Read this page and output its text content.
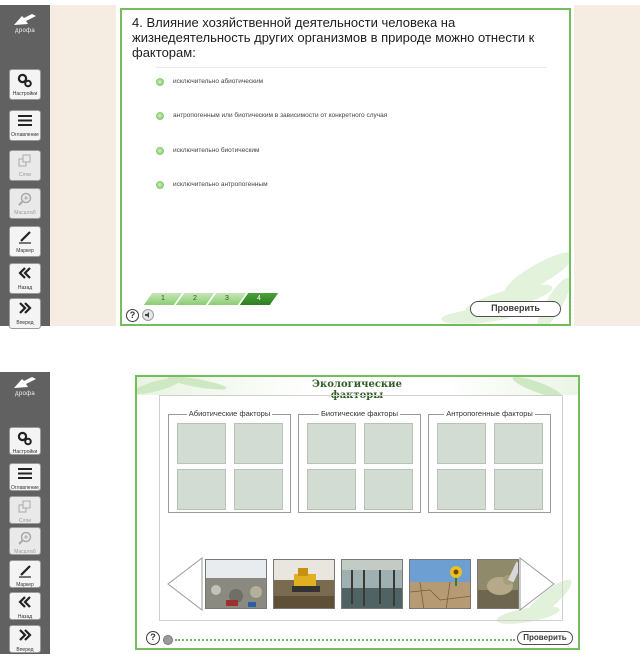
дрофа
Настройки
Оглавление
Слои
Масштаб
Маркер
Назад
Вперед
4. Влияние хозяйственной деятельности человека на жизнедеятельность других организмов в природе можно отнести к факторам:
исключительно абиотическим
антропогенным или биотическим в зависимости от конкретного случая
исключительно биотическим
исключительно антропогенным
1	2	3	4
?
Проверить
дрофа
Настройки
Оглавление
Слои
Масштаб
Маркер
Назад
Вперед
Экологические факторы
Абиотические факторы	Биотические факторы	Антропогенные факторы
?	Проверить
